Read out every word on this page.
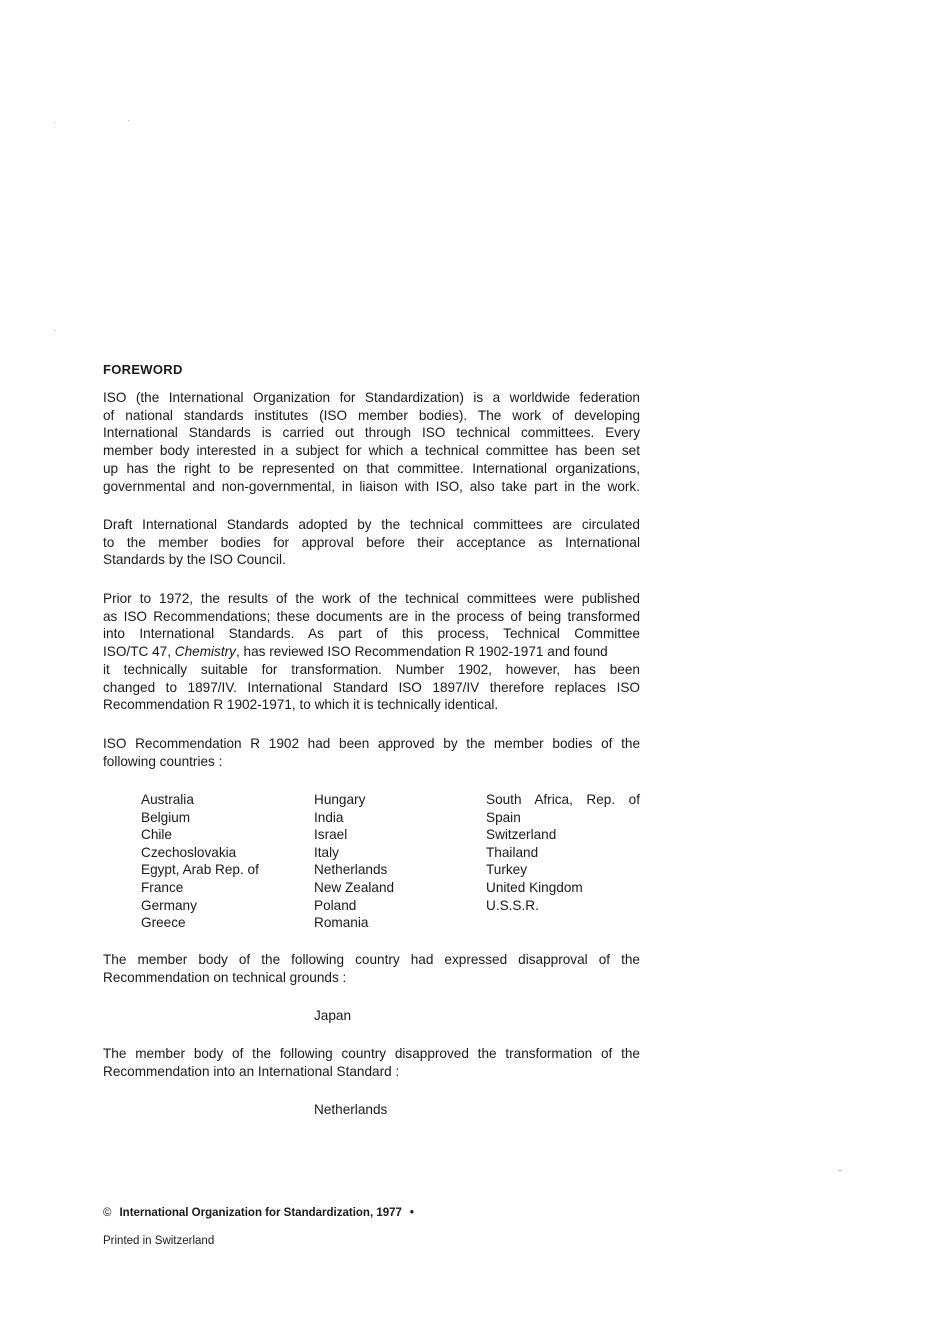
FOREWORD
ISO (the International Organization for Standardization) is a worldwide federation
of national standards institutes (ISO member bodies). The work of developing
International Standards is carried out through ISO technical committees. Every
member body interested in a subject for which a technical committee has been set
up has the right to be represented on that committee. International organizations,
governmental and non-governmental, in liaison with ISO, also take part in the work.
Draft International Standards adopted by the technical committees are circulated
to the member bodies for approval before their acceptance as International
Standards by the ISO Council.
Prior to 1972, the results of the work of the technical committees were published
as ISO Recommendations; these documents are in the process of being transformed
into International Standards. As part of this process, Technical Committee
ISO/TC 47, Chemistry, has reviewed ISO Recommendation R 1902-1971 and found
it technically suitable for transformation. Number 1902, however, has been
changed to 1897/IV. International Standard ISO 1897/IV therefore replaces ISO
Recommendation R 1902-1971, to which it is technically identical.
ISO Recommendation R 1902 had been approved by the member bodies of the
following countries :
Australia
Belgium
Chile
Czechoslovakia
Egypt, Arab Rep. of
France
Germany
Greece
Hungary
India
Israel
Italy
Netherlands
New Zealand
Poland
Romania
South Africa, Rep. of
Spain
Switzerland
Thailand
Turkey
United Kingdom
U.S.S.R.
The member body of the following country had expressed disapproval of the
Recommendation on technical grounds :
Japan
The member body of the following country disapproved the transformation of the
Recommendation into an International Standard :
Netherlands
© International Organization for Standardization, 1977 •
Printed in Switzerland
